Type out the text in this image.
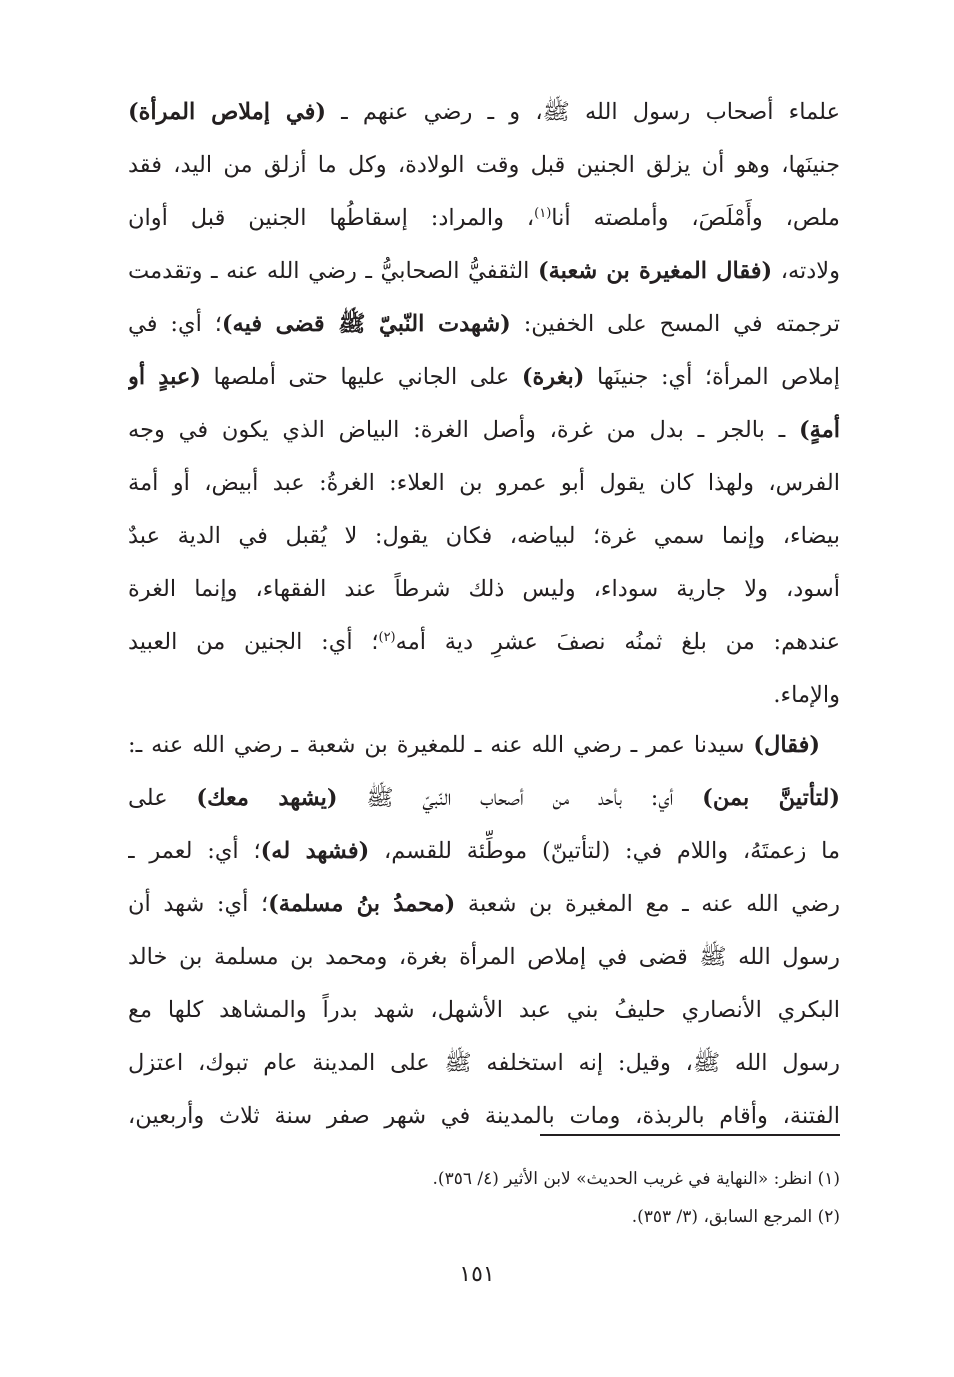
علماء أصحاب رسول الله ﷺ، و ـ رضي عنهم ـ (في إملاص المرأة)
جنينَها، وهو أن يزلق الجنين قبل وقت الولادة، وكل ما أزلق من اليد، فقد
ملص، وأَمْلَصَ، وأملصته أنا$^{(١)}$، والمراد: إسقاطُها الجنين قبل أوان
ولادته، (فقال المغيرة بن شعبة) الثقفيُّ الصحابيُّ ـ رضي الله عنه ـ وتقدمت
ترجمته في المسح على الخفين: (شهدت النّبيّ ﷺ قضى فيه)؛ أي: في
إملاص المرأة؛ أي: جنينَها (بغرة) على الجاني عليها حتى أملصها (عبدٍ أو
أمةٍ) ـ بالجر ـ بدل من غرة، وأصل الغرة: البياض الذي يكون في وجه
الفرس، ولهذا كان يقول أبو عمرو بن العلاء: الغرةُ: عبد أبيض، أو أمة
بيضاء، وإنما سمي غرة؛ لبياضه، فكان يقول: لا يُقبل في الدية عبدٌ
أسود، ولا جارية سوداء، وليس ذلك شرطاً عند الفقهاء، وإنما الغرة
عندهم: من بلغ ثمنُه نصفَ عشرِ دية أمه$^{(٢)}$؛ أي: الجنين من العبيد
والإماء.
(فقال) سيدنا عمر ـ رضي الله عنه ـ للمغيرة بن شعبة ـ رضي الله عنه ـ:
(لتأتينَّ بمن) أي: بأحد من أصحاب النّبيّ ﷺ (يشهد معك) على
ما زعمتَهُ، واللام في: (لتأتينّ) موطِّئة للقسم، (فشهد له)؛ أي: لعمر ـ
رضي الله عنه ـ مع المغيرة بن شعبة (محمدُ بنُ مسلمة)؛ أي: شهد أن
رسول الله ﷺ قضى في إملاص المرأة بغرة، ومحمد بن مسلمة بن خالد
البكري الأنصاري حليفُ بني عبد الأشهل، شهد بدراً والمشاهد كلها مع
رسول الله ﷺ، وقيل: إنه استخلفه ﷺ على المدينة عام تبوك، اعتزل
الفتنة، وأقام بالربذة، ومات بالمدينة في شهر صفر سنة ثلاث وأربعين،
(١) انظر: «النهاية في غريب الحديث» لابن الأثير (٤/ ٣٥٦).
(٢) المرجع السابق، (٣/ ٣٥٣).
١٥١
